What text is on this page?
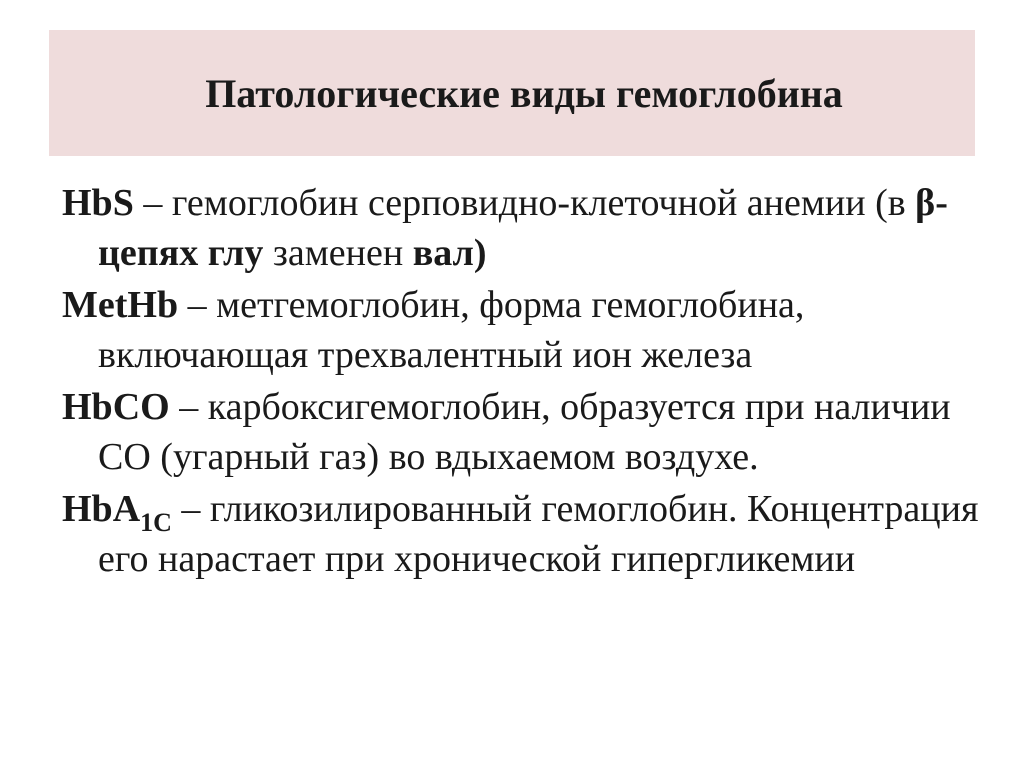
Патологические виды гемоглобина
HbS – гемоглобин серповидно-клеточной анемии (в β-цепях глу заменен вал)
MetHb – метгемоглобин, форма гемоглобина, включающая трехвалентный ион железа
HbCO – карбоксигемоглобин, образуется при наличии СО (угарный газ) во вдыхаемом воздухе.
HbA$_{1C}$ – гликозилированный гемоглобин. Концентрация его нарастает при хронической гипергликемии
